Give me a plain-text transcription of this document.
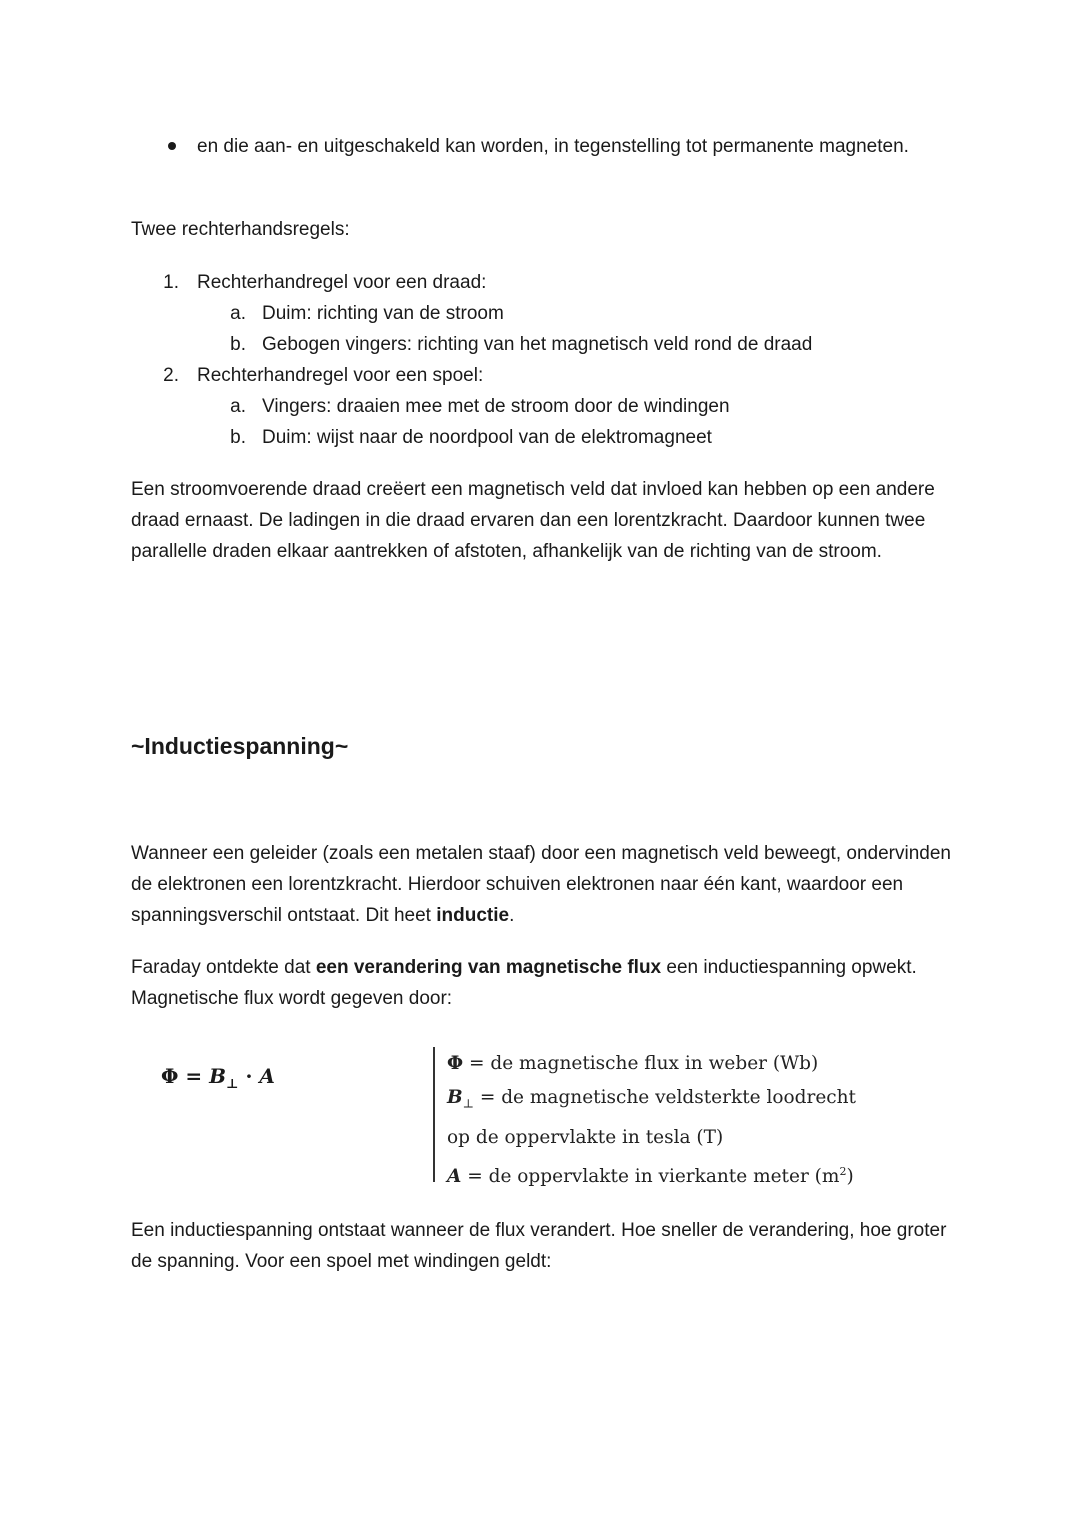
en die aan- en uitgeschakeld kan worden, in tegenstelling tot permanente magneten.
Twee rechterhandsregels:
1. Rechterhandregel voor een draad:
a. Duim: richting van de stroom
b. Gebogen vingers: richting van het magnetisch veld rond de draad
2. Rechterhandregel voor een spoel:
a. Vingers: draaien mee met de stroom door de windingen
b. Duim: wijst naar de noordpool van de elektromagneet

Een stroomvoerende draad creëert een magnetisch veld dat invloed kan hebben op een andere draad ernaast. De ladingen in die draad ervaren dan een lorentzkracht. Daardoor kunnen twee parallelle draden elkaar aantrekken of afstoten, afhankelijk van de richting van de stroom.

~Inductiespanning~

Wanneer een geleider (zoals een metalen staaf) door een magnetisch veld beweegt, ondervinden de elektronen een lorentzkracht. Hierdoor schuiven elektronen naar één kant, waardoor een spanningsverschil ontstaat. Dit heet inductie.

Faraday ontdekte dat een verandering van magnetische flux een inductiespanning opwekt. Magnetische flux wordt gegeven door:

$\Phi = B_\perp \cdot A$
Φ = de magnetische flux in weber (Wb)
$B_\perp$ = de magnetische veldsterkte loodrecht
op de oppervlakte in tesla (T)
A = de oppervlakte in vierkante meter $(m^2)$

Een inductiespanning ontstaat wanneer de flux verandert. Hoe sneller de verandering, hoe groter de spanning. Voor een spoel met windingen geldt:
